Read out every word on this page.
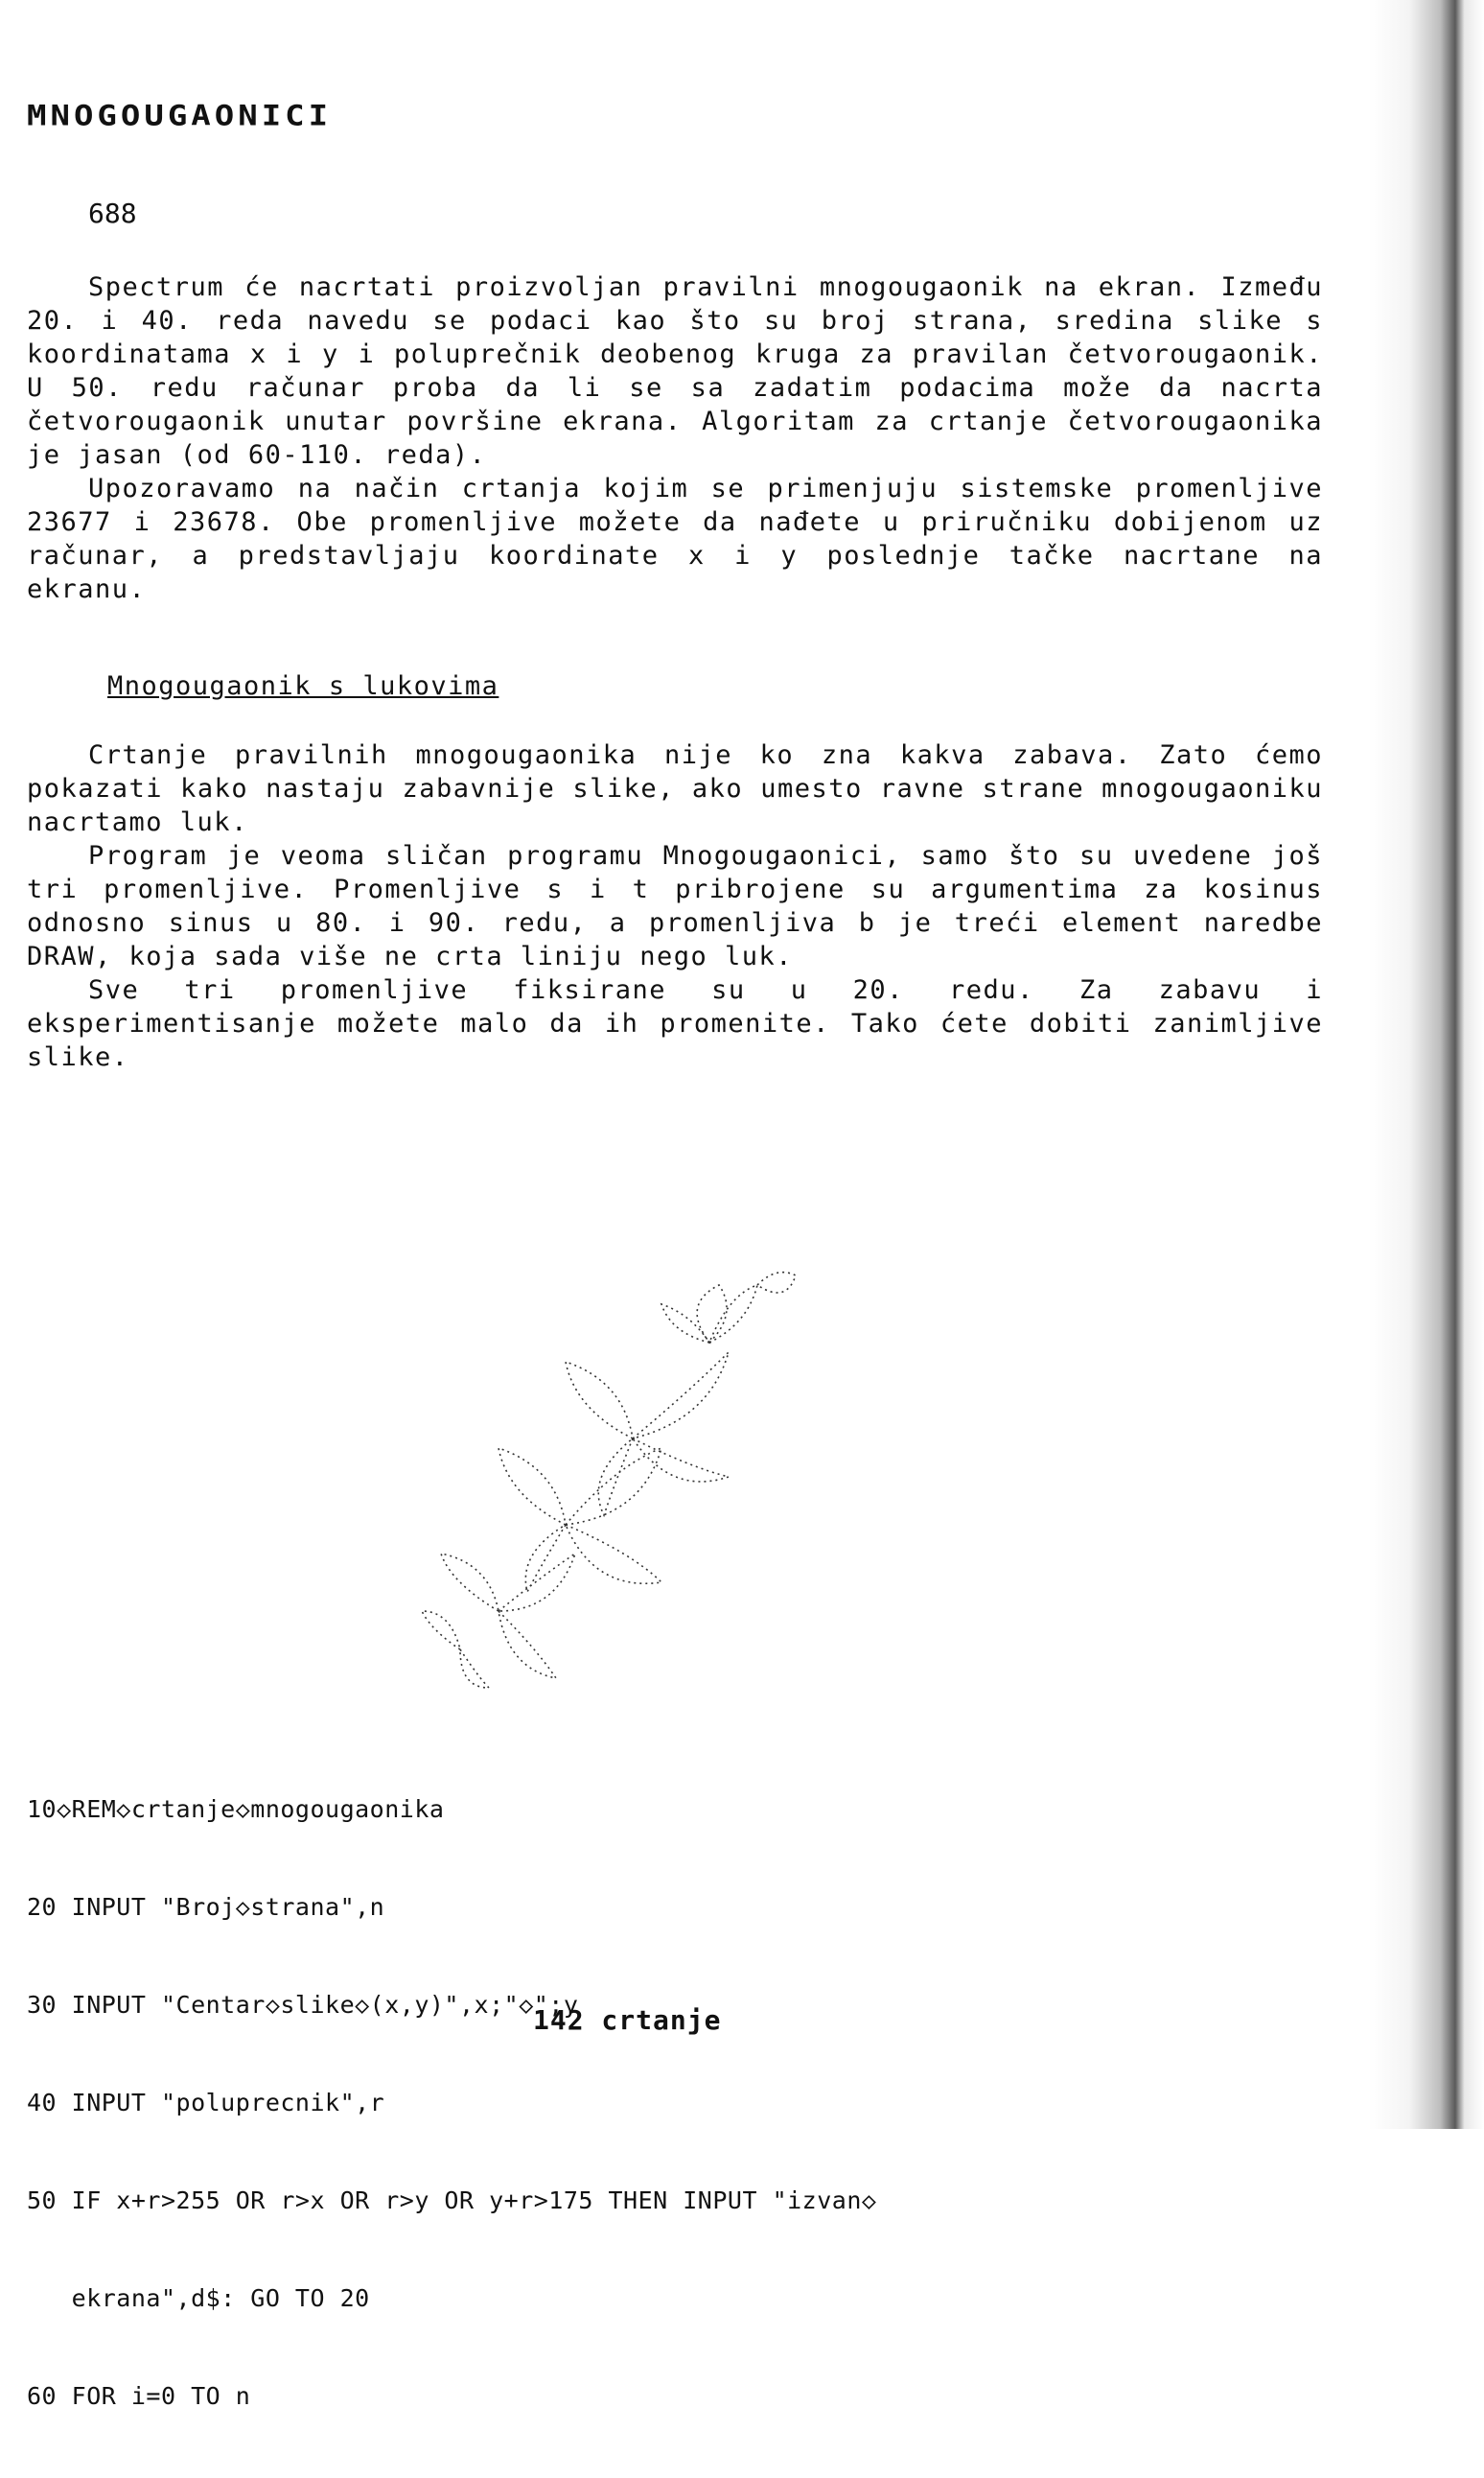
MNOGOUGAONICI
688

Spectrum će nacrtati proizvoljan pravilni mnogougaonik na ekran. Između 20. i 40. reda navedu se podaci kao što su broj strana, sredina slike s koordinatama x i y i poluprečnik deobenog kruga za pravilan četvorougaonik. U 50. redu računar proba da li se sa zadatim podacima može da nacrta četvorougaonik unutar površine ekrana. Algoritam za crtanje četvorougaonika je jasan (od 60-110. reda).

Upozoravamo na način crtanja kojim se primenjuju sistemske promenljive 23677 i 23678. Obe promenljive možete da nađete u priručniku dobijenom uz računar, a predstavljaju koordinate x i y poslednje tačke nacrtane na ekranu.

Mnogougaonik s lukovima

Crtanje pravilnih mnogougaonika nije ko zna kakva zabava. Zato ćemo pokazati kako nastaju zabavnije slike, ako umesto ravne strane mnogougaoniku nacrtamo luk.

Program je veoma sličan programu Mnogougaonici, samo što su uvedene još tri promenljive. Promenljive s i t pribrojene su argumentima za kosinus odnosno sinus u 80. i 90. redu, a promenljiva b je treći element naredbe DRAW, koja sada više ne crta liniju nego luk.

Sve tri promenljive fiksirane su u 20. redu. Za zabavu i eksperimentisanje možete malo da ih promenite. Tako ćete dobiti zanimljive slike.

10◇REM◇crtanje◇mnogougaonika

20 INPUT "Broj◇strana",n

30 INPUT "Centar◇slike◇(x,y)",x;"◇";y

40 INPUT "poluprecnik",r

50 IF x+r>255 OR r>x OR r>y OR y+r>175 THEN INPUT "izvan◇

ekrana",d$: GO TO 20

60 FOR i=0 TO n

142 crtanje
